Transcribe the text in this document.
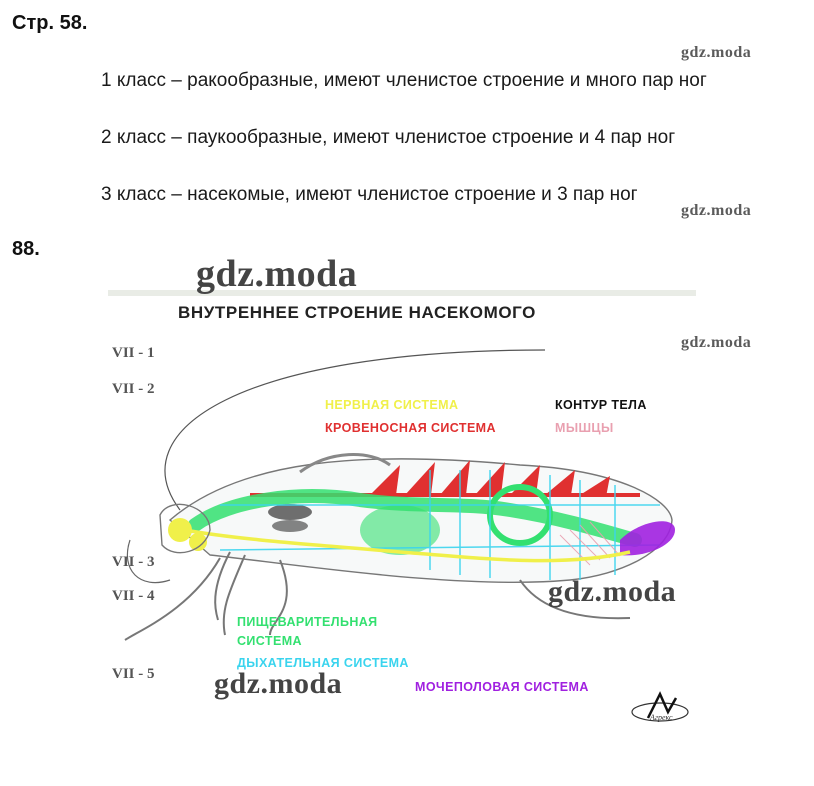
Стр. 58.
gdz.moda
gdz.moda
gdz.moda
1 класс – ракообразные, имеют членистое строение и много пар ног
2 класс – паукообразные, имеют членистое строение и 4 пар ног
3 класс – насекомые, имеют членистое строение и 3 пар ног
88.
gdz.moda
gdz.moda
gdz.moda
ВНУТРЕННЕЕ СТРОЕНИЕ НАСЕКОМОГО
VII - 1
VII - 2
VII - 3
VII - 4
VII - 5
НЕРВНАЯ СИСТЕМА	КОНТУР ТЕЛА
КРОВЕНОСНАЯ СИСТЕМА	МЫШЦЫ
ПИЩЕВАРИТЕЛЬНАЯ
СИСТЕМА
ДЫХАТЕЛЬНАЯ СИСТЕМА
МОЧЕПОЛОВАЯ СИСТЕМА
Агрекс
